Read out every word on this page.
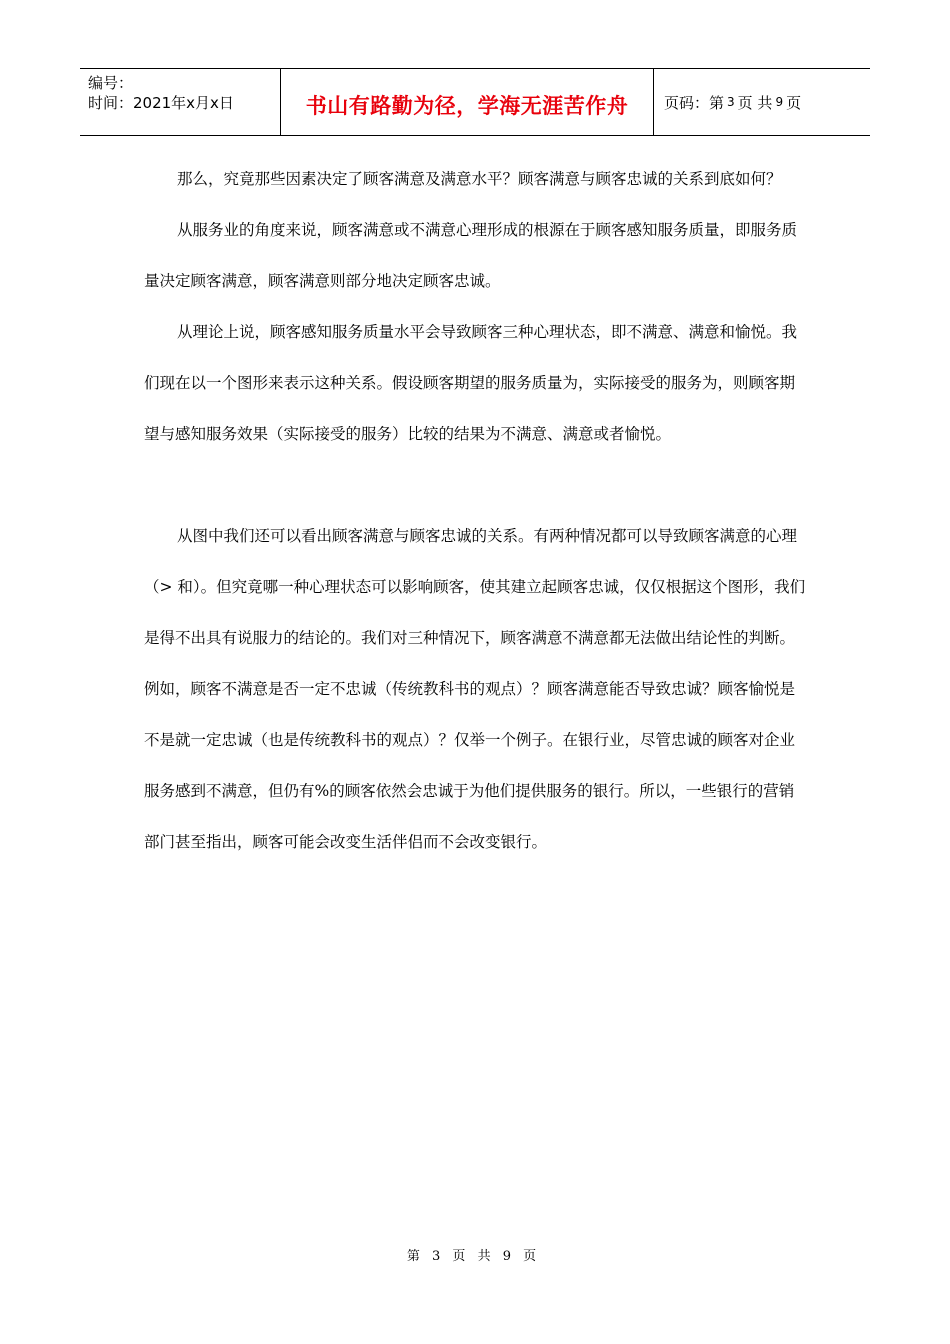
编号：
时间：2021年x月x日	书山有路勤为径，学海无涯苦作舟 页码：第 3 页 共 9 页

那么，究竟那些因素决定了顾客满意及满意水平？顾客满意与顾客忠诚的关系到底如何？

从服务业的角度来说，顾客满意或不满意心理形成的根源在于顾客感知服务质量，即服务质量决定顾客满意，顾客满意则部分地决定顾客忠诚。

从理论上说，顾客感知服务质量水平会导致顾客三种心理状态，即不满意、满意和愉悦。我们现在以一个图形来表示这种关系。假设顾客期望的服务质量为，实际接受的服务为，则顾客期望与感知服务效果（实际接受的服务）比较的结果为不满意、满意或者愉悦。

从图中我们还可以看出顾客满意与顾客忠诚的关系。有两种情况都可以导致顾客满意的心理（> 和）。但究竟哪一种心理状态可以影响顾客，使其建立起顾客忠诚，仅仅根据这个图形，我们是得不出具有说服力的结论的。我们对三种情况下，顾客满意不满意都无法做出结论性的判断。例如，顾客不满意是否一定不忠诚（传统教科书的观点）？顾客满意能否导致忠诚？顾客愉悦是不是就一定忠诚（也是传统教科书的观点）？仅举一个例子。在银行业，尽管忠诚的顾客对企业服务感到不满意，但仍有%的顾客依然会忠诚于为他们提供服务的银行。所以，一些银行的营销部门甚至指出，顾客可能会改变生活伴侣而不会改变银行。

第 3 页 共 9 页
